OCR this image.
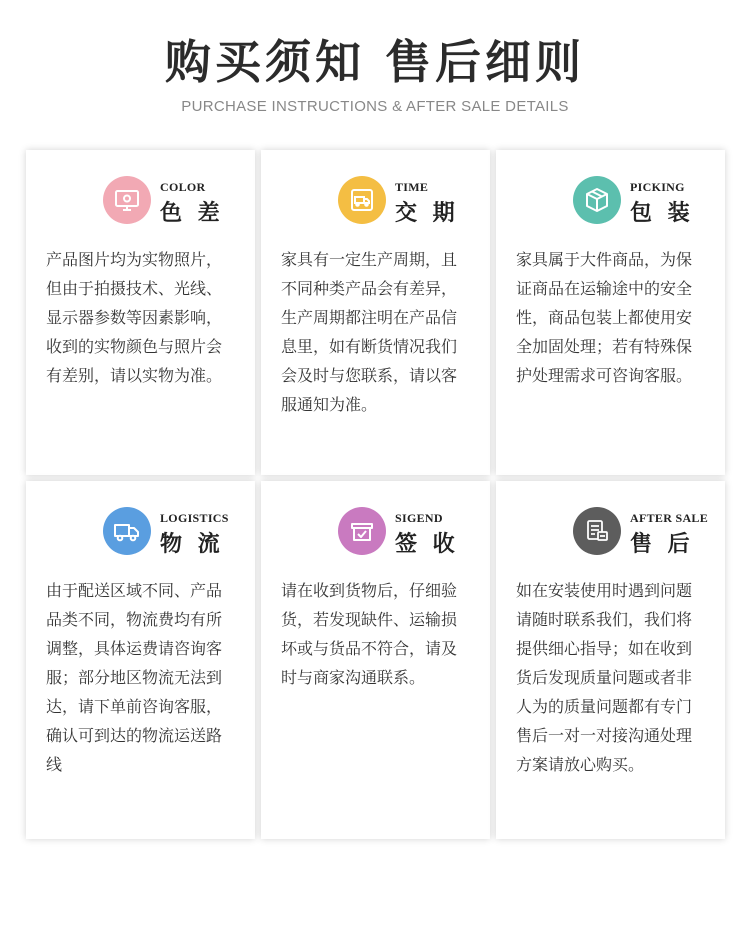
购买须知 售后细则
PURCHASE INSTRUCTIONS & AFTER SALE DETAILS
COLOR
色 差

产品图片均为实物照片，但由于拍摄技术、光线、显示器参数等因素影响，收到的实物颜色与照片会有差别，请以实物为准。

TIME
交 期

家具有一定生产周期，且不同种类产品会有差异，生产周期都注明在产品信息里，如有断货情况我们会及时与您联系，请以客服通知为准。

PICKING
包 装

家具属于大件商品，为保证商品在运输途中的安全性，商品包装上都使用安全加固处理；若有特殊保护处理需求可咨询客服。

LOGISTICS
物 流

由于配送区域不同、产品品类不同，物流费均有所调整，具体运费请咨询客服；部分地区物流无法到达，请下单前咨询客服，确认可到达的物流运送路线

SIGEND
签 收

请在收到货物后，仔细验货，若发现缺件、运输损坏或与货品不符合，请及时与商家沟通联系。

AFTER SALE
售 后

如在安装使用时遇到问题请随时联系我们，我们将提供细心指导；如在收到货后发现质量问题或者非人为的质量问题都有专门售后一对一对接沟通处理方案请放心购买。
